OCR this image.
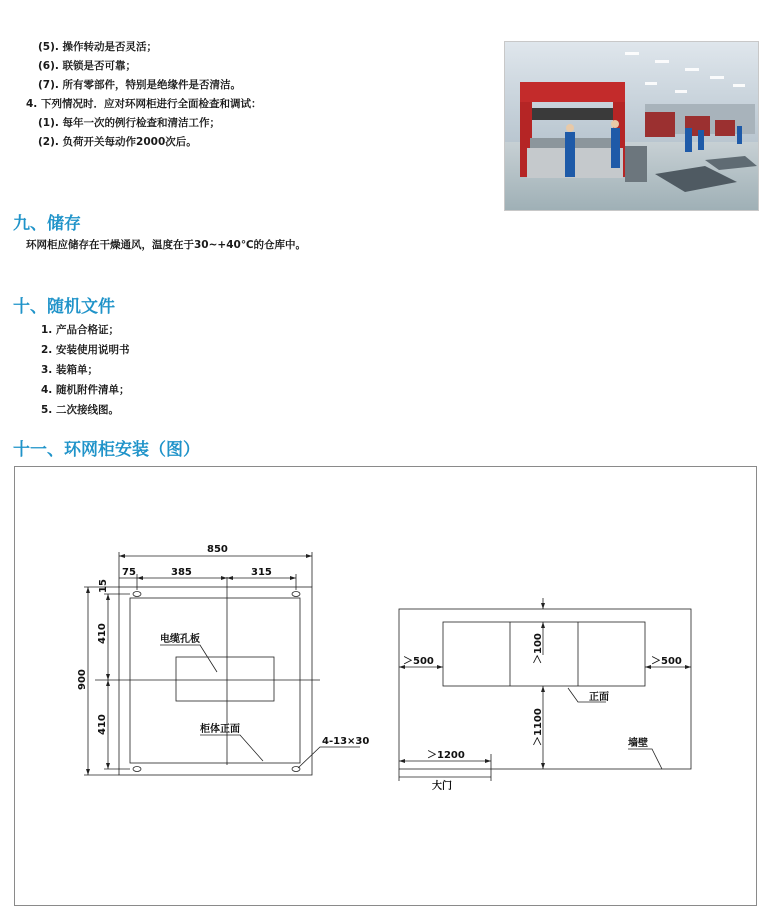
(5). 操作转动是否灵活；
(6). 联锁是否可靠；
(7). 所有零部件，特别是绝缘件是否清洁。
4. 下列情况时．应对环网柜进行全面检查和调试：
(1). 每年一次的例行检查和清洁工作；
(2). 负荷开关每动作2000次后。
九、储存
环网柜应储存在干燥通风，温度在于30~+40℃的仓库中。
十、随机文件
1. 产品合格证；
2. 安装使用说明书
3. 装箱单；
4. 随机附件清单；
5. 二次接线图。
十一、环网柜安装（图）
850
75	385	315
15
900
410
410
电缆孔板
柜体正面
4-13×30
＞500	＞500
＞100
＞1100
＞1200
大门
正面
墙壁
